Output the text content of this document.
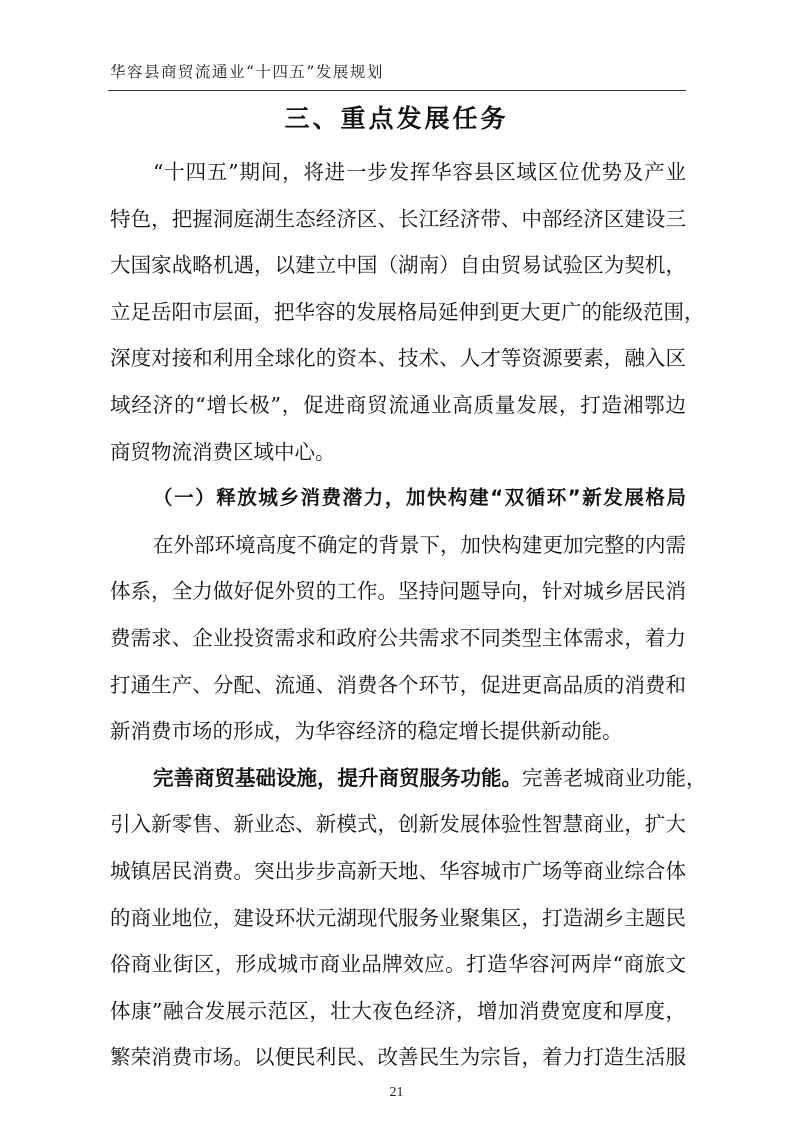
华容县商贸流通业“十四五”发展规划
三、重点发展任务
“十四五”期间，将进一步发挥华容县区域区位优势及产业
特色，把握洞庭湖生态经济区、长江经济带、中部经济区建设三
大国家战略机遇，以建立中国（湖南）自由贸易试验区为契机，
立足岳阳市层面，把华容的发展格局延伸到更大更广的能级范围，
深度对接和利用全球化的资本、技术、人才等资源要素，融入区
域经济的“增长极”，促进商贸流通业高质量发展，打造湘鄂边
商贸物流消费区域中心。
（一）释放城乡消费潜力，加快构建“双循环”新发展格局
在外部环境高度不确定的背景下，加快构建更加完整的内需
体系，全力做好促外贸的工作。坚持问题导向，针对城乡居民消
费需求、企业投资需求和政府公共需求不同类型主体需求，着力
打通生产、分配、流通、消费各个环节，促进更高品质的消费和
新消费市场的形成，为华容经济的稳定增长提供新动能。
完善商贸基础设施，提升商贸服务功能。完善老城商业功能，
引入新零售、新业态、新模式，创新发展体验性智慧商业，扩大
城镇居民消费。突出步步高新天地、华容城市广场等商业综合体
的商业地位，建设环状元湖现代服务业聚集区，打造湖乡主题民
俗商业街区，形成城市商业品牌效应。打造华容河两岸“商旅文
体康”融合发展示范区，壮大夜色经济，增加消费宽度和厚度，
繁荣消费市场。以便民利民、改善民生为宗旨，着力打造生活服
21
